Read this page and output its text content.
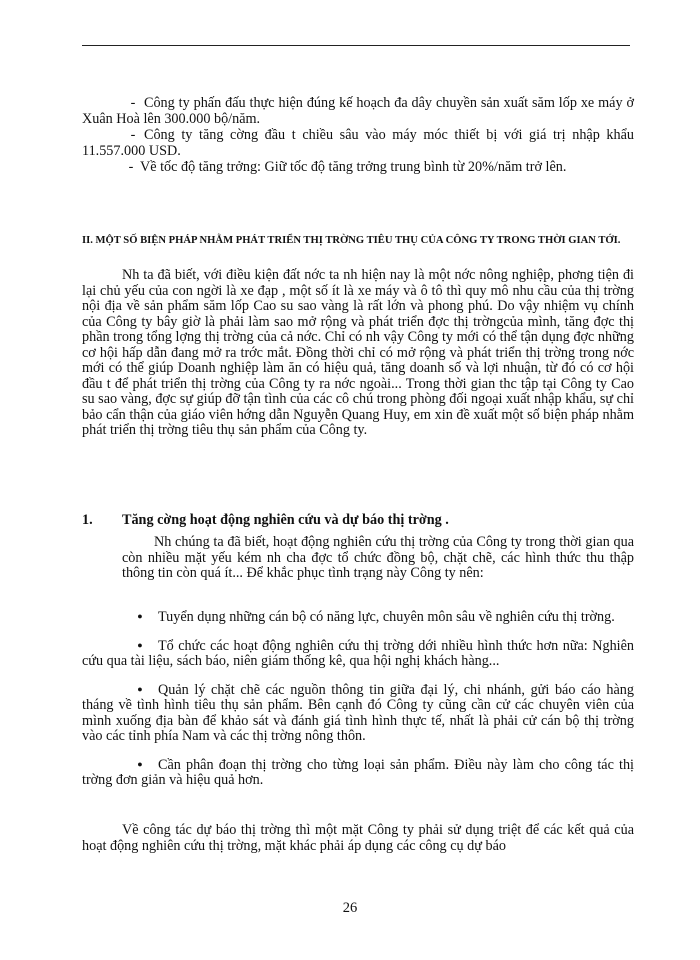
- Công ty phấn đấu thực hiện đúng kế hoạch đa dây chuyền sản xuất săm lốp xe máy ở Xuân Hoà lên 300.000 bộ/năm.
- Công ty tăng cờng đầu t chiều sâu vào máy móc thiết bị với giá trị nhập khẩu 11.557.000 USD.
- Về tốc độ tăng trởng: Giữ tốc độ tăng trởng trung bình từ 20%/năm trở lên.
II. MỘT SỐ BIỆN PHÁP NHẰM PHÁT TRIỂN THỊ TRỜNG TIÊU THỤ CỦA CÔNG TY TRONG THỜI GIAN TỚI.
Nh ta đã biết, với điều kiện đất nớc ta nh hiện nay là một nớc nông nghiệp, phơng tiện đi lại chủ yếu của con ngời là xe đạp , một số ít là xe máy và ô tô thì quy mô nhu cầu của thị trờng nội địa về sản phẩm săm lốp Cao su sao vàng là rất lớn và phong phú. Do vậy nhiệm vụ chính của Công ty bây giờ là phải làm sao mở rộng và phát triển đợc thị trờngcủa mình, tăng đợc thị phần trong tổng lợng thị trờng của cả nớc. Chỉ có nh vậy Công ty mới có thể tận dụng đợc những cơ hội hấp dẫn đang mở ra trớc mắt. Đồng thời chỉ có mở rộng và phát triển thị trờng trong nớc mới có thể giúp Doanh nghiệp làm ăn có hiệu quả, tăng doanh số và lợi nhuận, từ đó có cơ hội đầu t để phát triển thị trờng của Công ty ra nớc ngoài... Trong thời gian thc tập tại Công ty Cao su sao vàng, đợc sự giúp đỡ tận tình của các cô chú trong phòng đối ngoại xuất nhập khẩu, sự chỉ bảo cẩn thận của giáo viên hớng dẫn Nguyễn Quang Huy, em xin đề xuất một số biện pháp nhằm phát triển thị trờng tiêu thụ sản phẩm của Công ty.
1. Tăng cờng hoạt động nghiên cứu và dự báo thị trờng .
Nh chúng ta đã biết, hoạt động nghiên cứu thị trờng của Công ty trong thời gian qua còn nhiều mặt yếu kém nh cha đợc tổ chức đồng bộ, chặt chẽ, các hình thức thu thập thông tin còn quá ít... Để khắc phục tình trạng này Công ty nên:
● Tuyển dụng những cán bộ có năng lực, chuyên môn sâu về nghiên cứu thị trờng.
● Tổ chức các hoạt động nghiên cứu thị trờng dới nhiều hình thức hơn nữa: Nghiên cứu qua tài liệu, sách báo, niên giám thống kê, qua hội nghị khách hàng...
● Quản lý chặt chẽ các nguồn thông tin giữa đại lý, chi nhánh, gửi báo cáo hàng tháng về tình hình tiêu thụ sản phẩm. Bên cạnh đó Công ty cũng cần cử các chuyên viên của mình xuống địa bàn để khảo sát và đánh giá tình hình thực tế, nhất là phải cử cán bộ thị trờng vào các tỉnh phía Nam và các thị trờng nông thôn.
● Cần phân đoạn thị trờng cho từng loại sản phẩm. Điều này làm cho công tác thị trờng đơn giản và hiệu quả hơn.
Về công tác dự báo thị trờng thì một mặt Công ty phải sử dụng triệt để các kết quả của hoạt động nghiên cứu thị trờng, mặt khác phải áp dụng các công cụ dự báo
26
